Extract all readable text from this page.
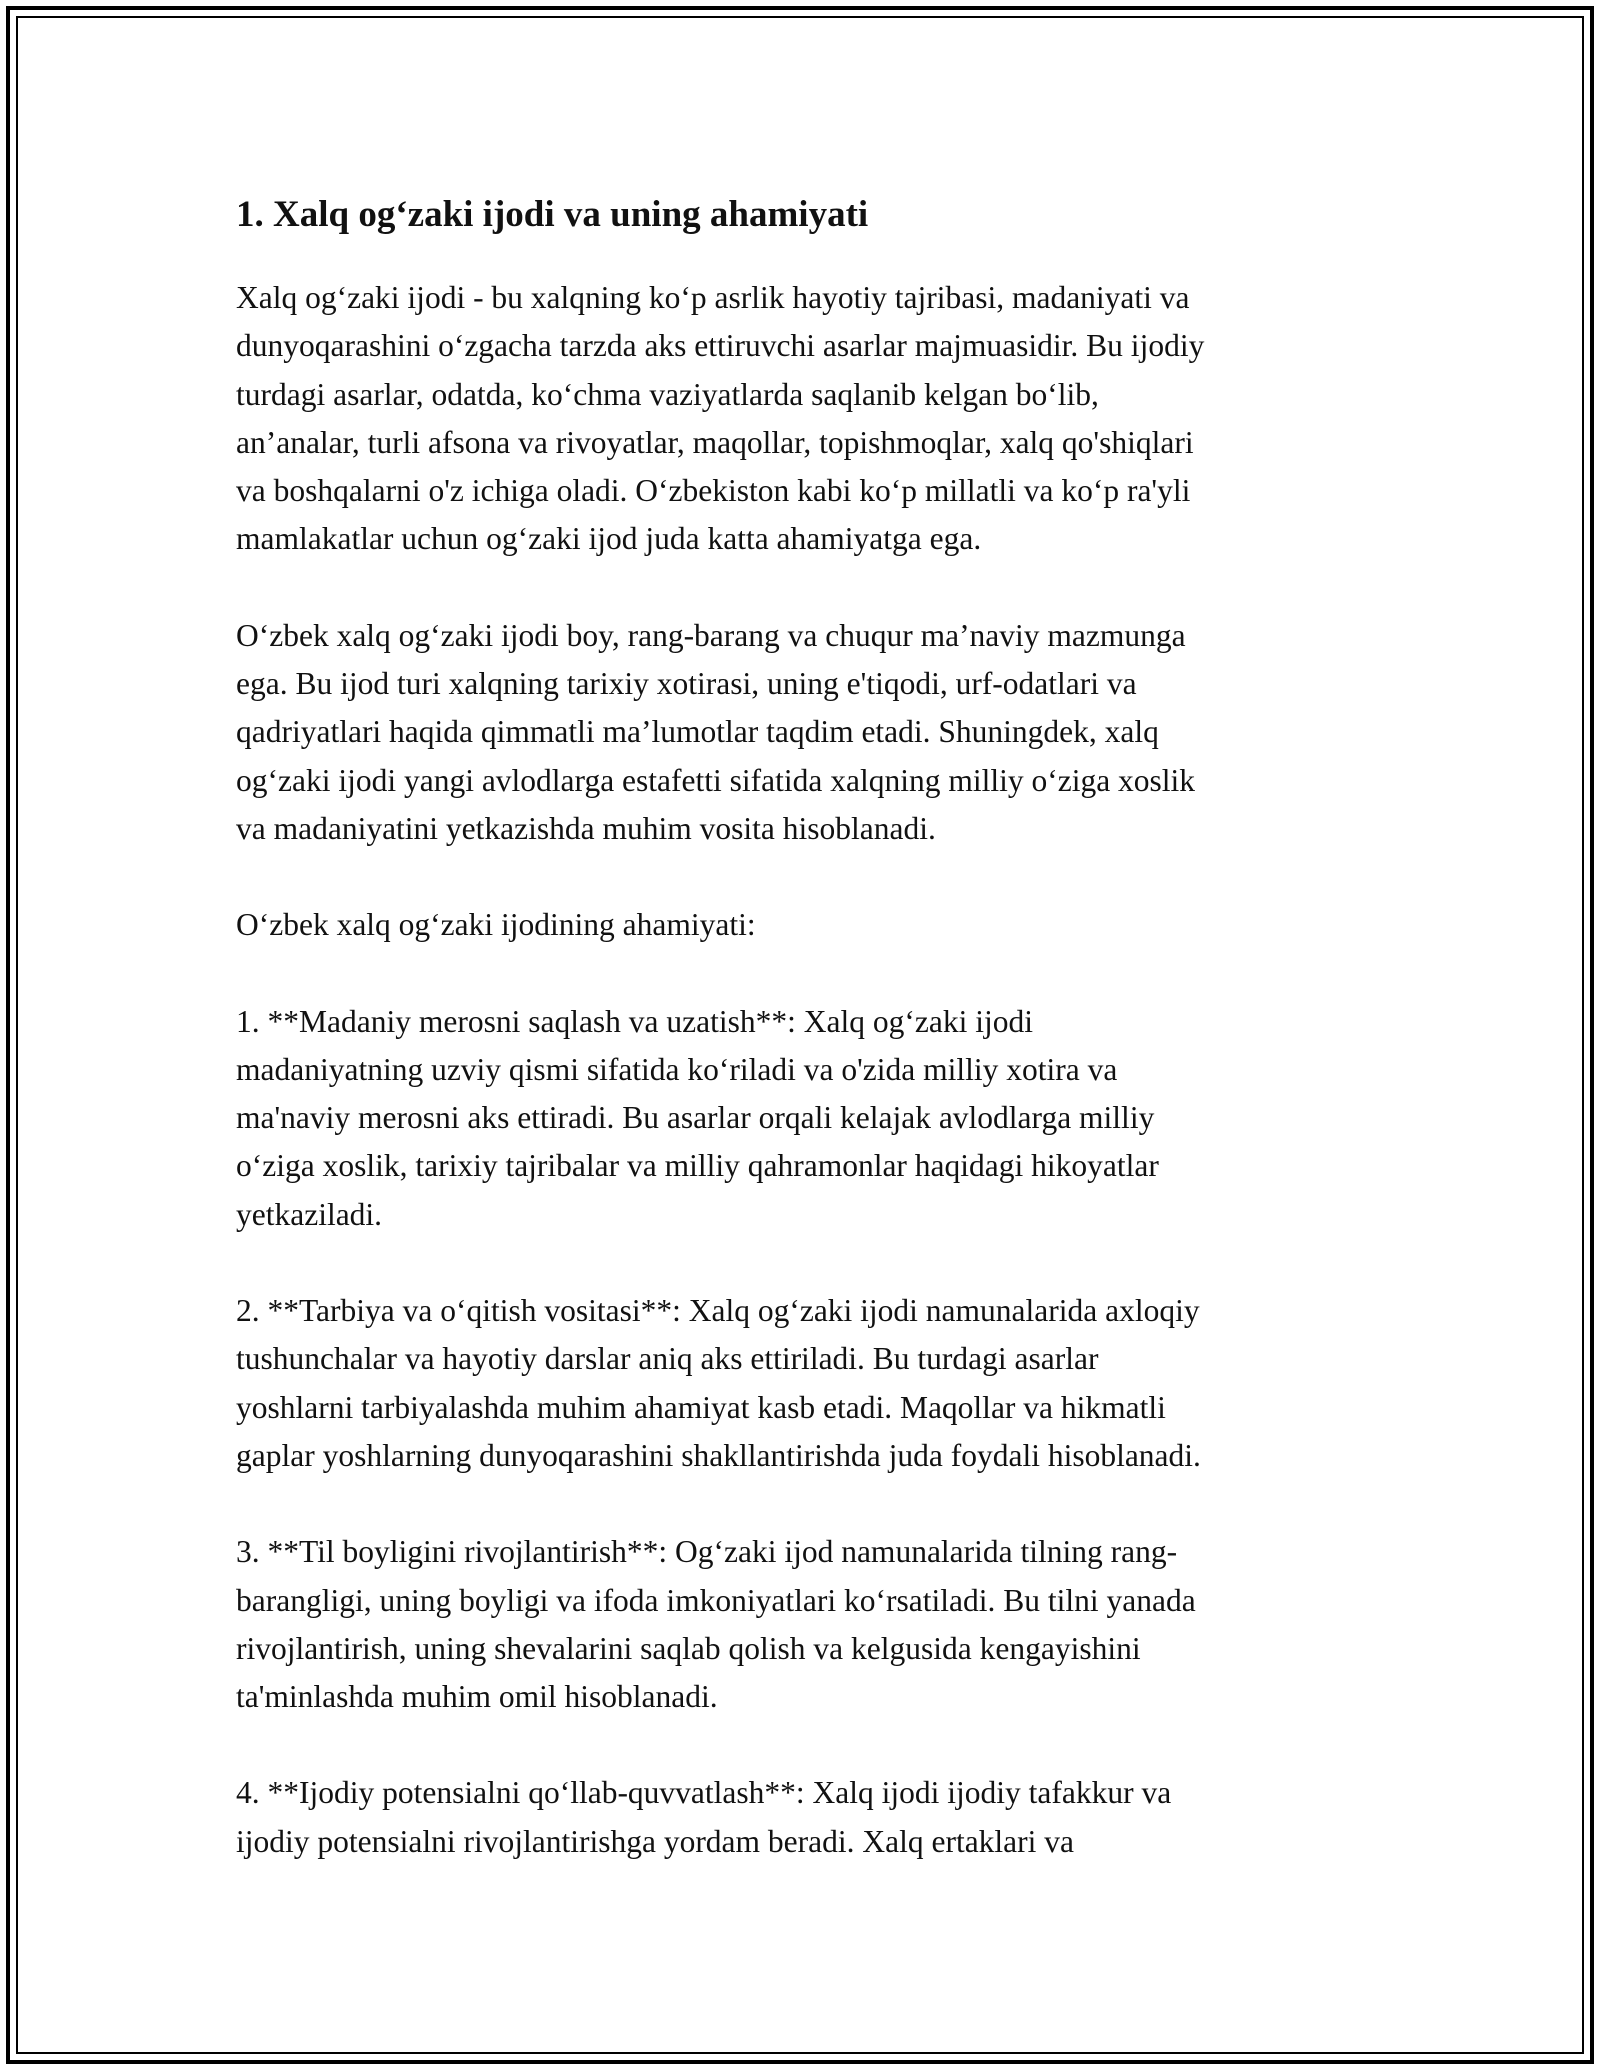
1. Xalq og‘zaki ijodi va uning ahamiyati

Xalq og‘zaki ijodi - bu xalqning ko‘p asrlik hayotiy tajribasi, madaniyati va
dunyoqarashini o‘zgacha tarzda aks ettiruvchi asarlar majmuasidir. Bu ijodiy
turdagi asarlar, odatda, ko‘chma vaziyatlarda saqlanib kelgan bo‘lib,
an’analar, turli afsona va rivoyatlar, maqollar, topishmoqlar, xalq qo'shiqlari
va boshqalarni o'z ichiga oladi. O‘zbekiston kabi ko‘p millatli va ko‘p ra'yli
mamlakatlar uchun og‘zaki ijod juda katta ahamiyatga ega.

O‘zbek xalq og‘zaki ijodi boy, rang-barang va chuqur ma’naviy mazmunga
ega. Bu ijod turi xalqning tarixiy xotirasi, uning e'tiqodi, urf-odatlari va
qadriyatlari haqida qimmatli ma’lumotlar taqdim etadi. Shuningdek, xalq
og‘zaki ijodi yangi avlodlarga estafetti sifatida xalqning milliy o‘ziga xoslik
va madaniyatini yetkazishda muhim vosita hisoblanadi.

O‘zbek xalq og‘zaki ijodining ahamiyati:

1. **Madaniy merosni saqlash va uzatish**: Xalq og‘zaki ijodi
madaniyatning uzviy qismi sifatida ko‘riladi va o'zida milliy xotira va
ma'naviy merosni aks ettiradi. Bu asarlar orqali kelajak avlodlarga milliy
o‘ziga xoslik, tarixiy tajribalar va milliy qahramonlar haqidagi hikoyatlar
yetkaziladi.

2. **Tarbiya va o‘qitish vositasi**: Xalq og‘zaki ijodi namunalarida axloqiy
tushunchalar va hayotiy darslar aniq aks ettiriladi. Bu turdagi asarlar
yoshlarni tarbiyalashda muhim ahamiyat kasb etadi. Maqollar va hikmatli
gaplar yoshlarning dunyoqarashini shakllantirishda juda foydali hisoblanadi.

3. **Til boyligini rivojlantirish**: Og‘zaki ijod namunalarida tilning rang-
barangligi, uning boyligi va ifoda imkoniyatlari ko‘rsatiladi. Bu tilni yanada
rivojlantirish, uning shevalarini saqlab qolish va kelgusida kengayishini
ta'minlashda muhim omil hisoblanadi.

4. **Ijodiy potensialni qo‘llab-quvvatlash**: Xalq ijodi ijodiy tafakkur va
ijodiy potensialni rivojlantirishga yordam beradi. Xalq ertaklari va
